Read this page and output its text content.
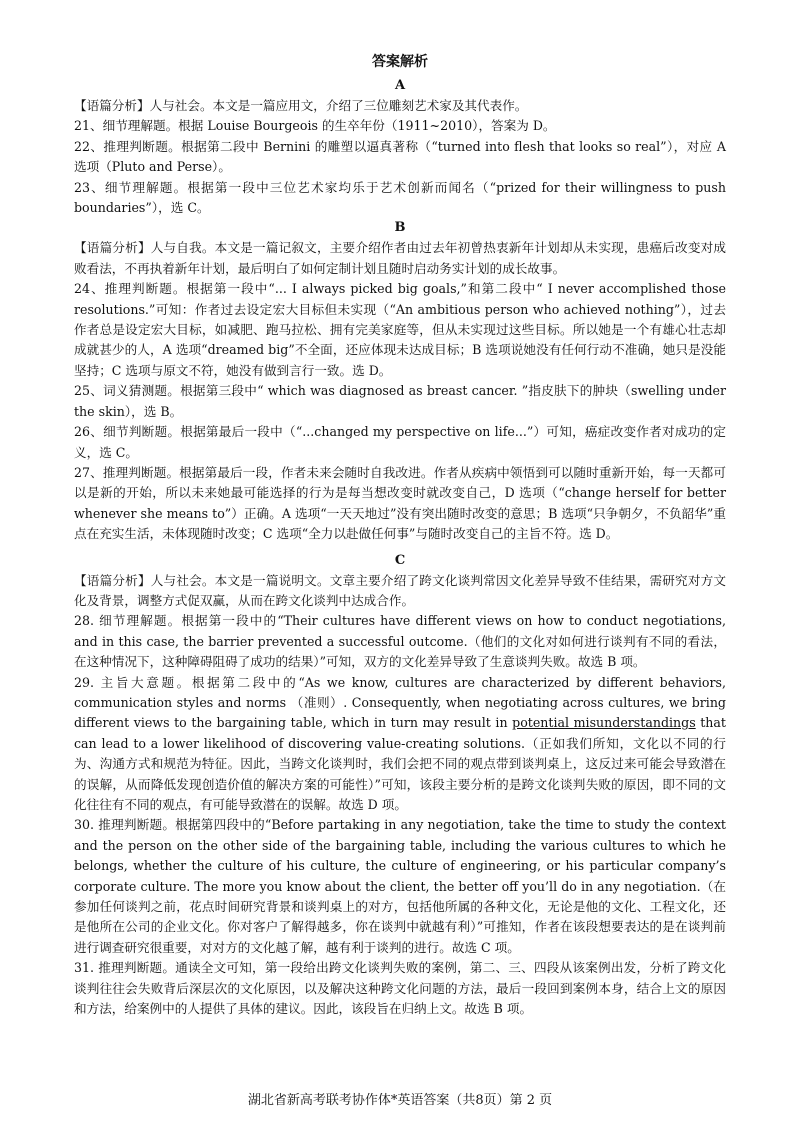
答案解析
A

【语篇分析】人与社会。本文是一篇应用文，介绍了三位雕刻艺术家及其代表作。

21、细节理解题。根据 Louise Bourgeois 的生卒年份（1911~2010），答案为 D。

22、推理判断题。根据第二段中 Bernini 的雕塑以逼真著称（“turned into flesh that looks so real”），对应 A 选项（Pluto and Perse）。

23、细节理解题。根据第一段中三位艺术家均乐于艺术创新而闻名（“prized for their willingness to push boundaries”），选 C。

B

【语篇分析】人与自我。本文是一篇记叙文，主要介绍作者由过去年初曾热衷新年计划却从未实现，患癌后改变对成败看法，不再执着新年计划，最后明白了如何定制计划且随时启动务实计划的成长故事。

24、推理判断题。根据第一段中“... I always picked big goals,”和第二段中“ I never accomplished those resolutions.”可知：作者过去设定宏大目标但未实现（“An ambitious person who achieved nothing”），过去作者总是设定宏大目标，如减肥、跑马拉松、拥有完美家庭等，但从未实现过这些目标。所以她是一个有雄心壮志却成就甚少的人，A 选项“dreamed big”不全面，还应体现未达成目标；B 选项说她没有任何行动不准确，她只是没能坚持；C 选项与原文不符，她没有做到言行一致。选 D。

25、词义猜测题。根据第三段中“ which was diagnosed as breast cancer. ”指皮肤下的肿块（swelling under the skin），选 B。

26、细节判断题。根据第最后一段中（“...changed my perspective on life...”）可知，癌症改变作者对成功的定义，选 C。

27、推理判断题。根据第最后一段，作者未来会随时自我改进。作者从疾病中领悟到可以随时重新开始，每一天都可以是新的开始，所以未来她最可能选择的行为是每当想改变时就改变自己，D 选项（“change herself for better whenever she means to”）正确。A 选项“一天天地过”没有突出随时改变的意思；B 选项“只争朝夕，不负韶华”重点在充实生活，未体现随时改变；C 选项“全力以赴做任何事”与随时改变自己的主旨不符。选 D。

C

【语篇分析】人与社会。本文是一篇说明文。文章主要介绍了跨文化谈判常因文化差异导致不佳结果，需研究对方文化及背景，调整方式促双赢，从而在跨文化谈判中达成合作。

28. 细节理解题。根据第一段中的“Their cultures have different views on how to conduct negotiations, and in this case, the barrier prevented a successful outcome.（他们的文化对如何进行谈判有不同的看法，在这种情况下，这种障碍阻碍了成功的结果）”可知，双方的文化差异导致了生意谈判失败。故选 B 项。

29. 主旨大意题。根据第二段中的“As we know, cultures are characterized by different behaviors, communication styles and norms （准则）. Consequently, when negotiating across cultures, we bring different views to the bargaining table, which in turn may result in potential misunderstandings that can lead to a lower likelihood of discovering value-creating solutions.（正如我们所知，文化以不同的行为、沟通方式和规范为特征。因此，当跨文化谈判时，我们会把不同的观点带到谈判桌上，这反过来可能会导致潜在的误解，从而降低发现创造价值的解决方案的可能性）”可知，该段主要分析的是跨文化谈判失败的原因，即不同的文化往往有不同的观点，有可能导致潜在的误解。故选 D 项。

30. 推理判断题。根据第四段中的“Before partaking in any negotiation, take the time to study the context and the person on the other side of the bargaining table, including the various cultures to which he belongs, whether the culture of his culture, the culture of engineering, or his particular company’s corporate culture. The more you know about the client, the better off you’ll do in any negotiation.（在参加任何谈判之前，花点时间研究背景和谈判桌上的对方，包括他所属的各种文化，无论是他的文化、工程文化，还是他所在公司的企业文化。你对客户了解得越多，你在谈判中就越有利）”可推知，作者在该段想要表达的是在谈判前进行调查研究很重要，对对方的文化越了解，越有利于谈判的进行。故选 C 项。

31. 推理判断题。通读全文可知，第一段给出跨文化谈判失败的案例，第二、三、四段从该案例出发，分析了跨文化谈判往往会失败背后深层次的文化原因，以及解决这种跨文化问题的方法，最后一段回到案例本身，结合上文的原因和方法，给案例中的人提供了具体的建议。因此，该段旨在归纳上文。故选 B 项。

湖北省新高考联考协作体*英语答案（共8页）第 2 页
